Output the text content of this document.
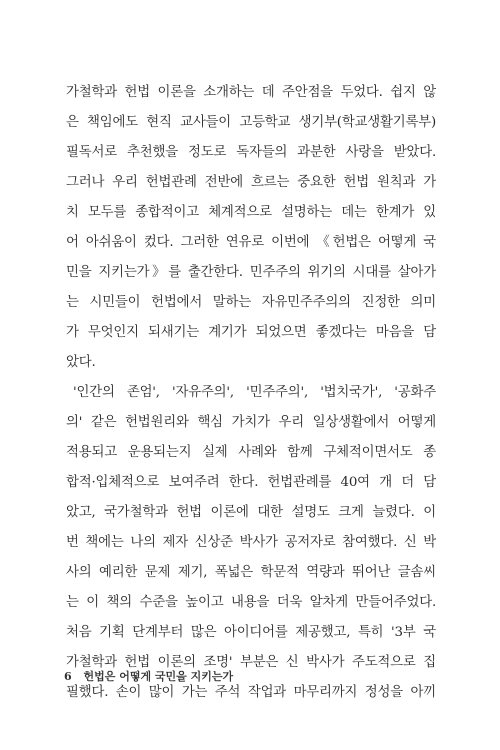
가철학과 헌법 이론을 소개하는 데 주안점을 두었다. 쉽지 않
은 책임에도 현직 교사들이 고등학교 생기부(학교생활기록부)
필독서로 추천했을 정도로 독자들의 과분한 사랑을 받았다.
그러나 우리 헌법관례 전반에 흐르는 중요한 헌법 원칙과 가
치 모두를 종합적이고 체계적으로 설명하는 데는 한계가 있
어 아쉬움이 컸다. 그러한 연유로 이번에 《헌법은 어떻게 국
민을 지키는가》를 출간한다. 민주주의 위기의 시대를 살아가
는 시민들이 헌법에서 말하는 자유민주주의의 진정한 의미
가 무엇인지 되새기는 계기가 되었으면 좋겠다는 마음을 담
았다.
'인간의 존엄', '자유주의', '민주주의', '법치국가', '공화주
의' 같은 헌법원리와 핵심 가치가 우리 일상생활에서 어떻게
적용되고 운용되는지 실제 사례와 함께 구체적이면서도 종
합적·입체적으로 보여주려 한다. 헌법관례를 40여 개 더 담
았고, 국가철학과 헌법 이론에 대한 설명도 크게 늘렸다. 이
번 책에는 나의 제자 신상준 박사가 공저자로 참여했다. 신 박
사의 예리한 문제 제기, 폭넓은 학문적 역량과 뛰어난 글솜씨
는 이 책의 수준을 높이고 내용을 더욱 알차게 만들어주었다.
처음 기획 단계부터 많은 아이디어를 제공했고, 특히 '3부 국
가철학과 헌법 이론의 조명' 부분은 신 박사가 주도적으로 집
필했다. 손이 많이 가는 주석 작업과 마무리까지 정성을 아끼
6 헌법은 어떻게 국민을 지키는가
